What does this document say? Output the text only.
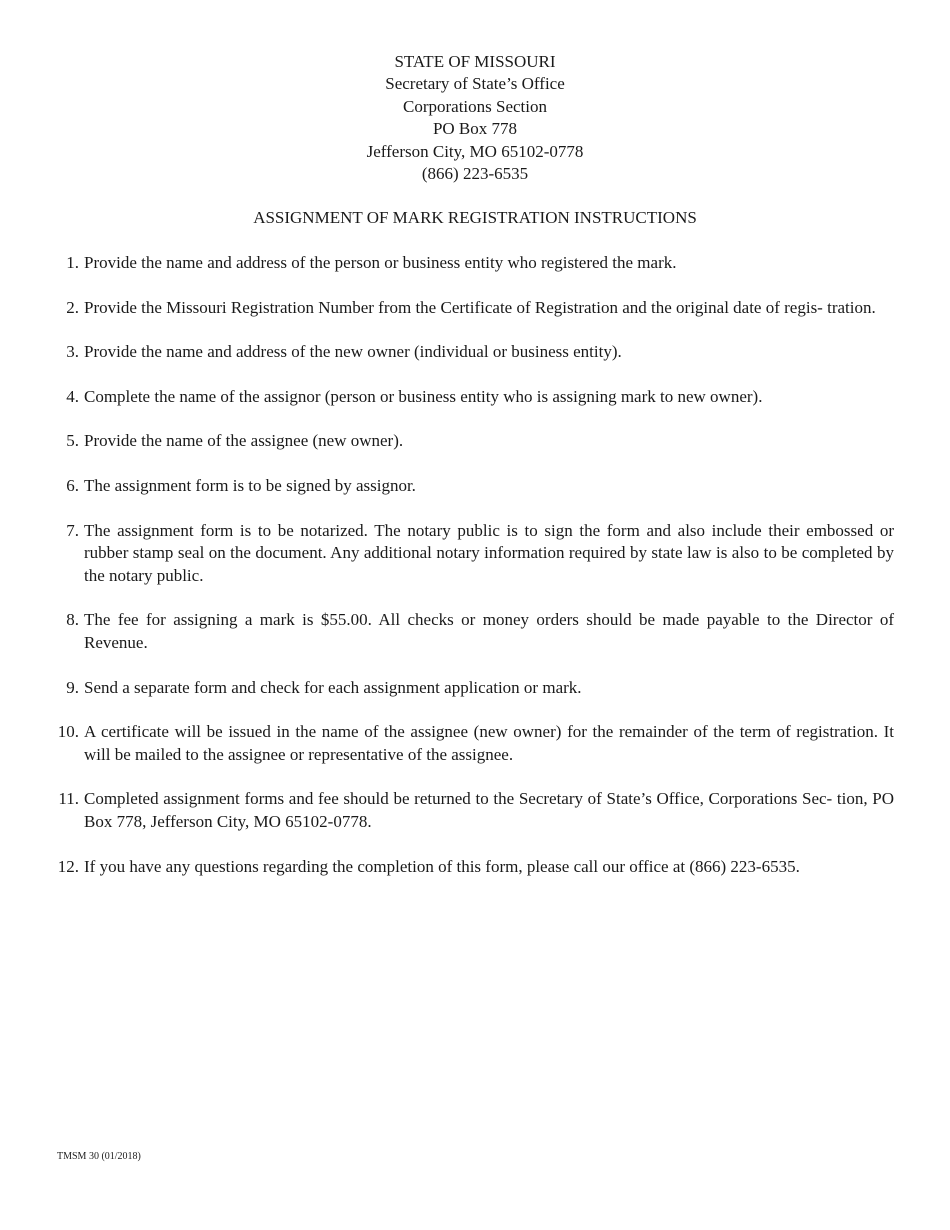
STATE OF MISSOURI
Secretary of State’s Office
Corporations Section
PO Box 778
Jefferson City, MO 65102-0778
(866) 223-6535
ASSIGNMENT OF MARK REGISTRATION INSTRUCTIONS
1. Provide the name and address of the person or business entity who registered the mark.
2. Provide the Missouri Registration Number from the Certificate of Registration and the original date of regis- tration.
3. Provide the name and address of the new owner (individual or business entity).
4. Complete the name of the assignor (person or business entity who is assigning mark to new owner).
5. Provide the name of the assignee (new owner).
6. The assignment form is to be signed by assignor.
7. The assignment form is to be notarized. The notary public is to sign the form and also include their embossed or rubber stamp seal on the document. Any additional notary information required by state law is also to be completed by the notary public.
8. The fee for assigning a mark is $55.00. All checks or money orders should be made payable to the Director of Revenue.
9. Send a separate form and check for each assignment application or mark.
10. A certificate will be issued in the name of the assignee (new owner) for the remainder of the term of registration. It will be mailed to the assignee or representative of the assignee.
11. Completed assignment forms and fee should be returned to the Secretary of State’s Office, Corporations Sec- tion, PO Box 778, Jefferson City, MO 65102-0778.
12. If you have any questions regarding the completion of this form, please call our office at (866) 223-6535.
TMSM 30 (01/2018)
